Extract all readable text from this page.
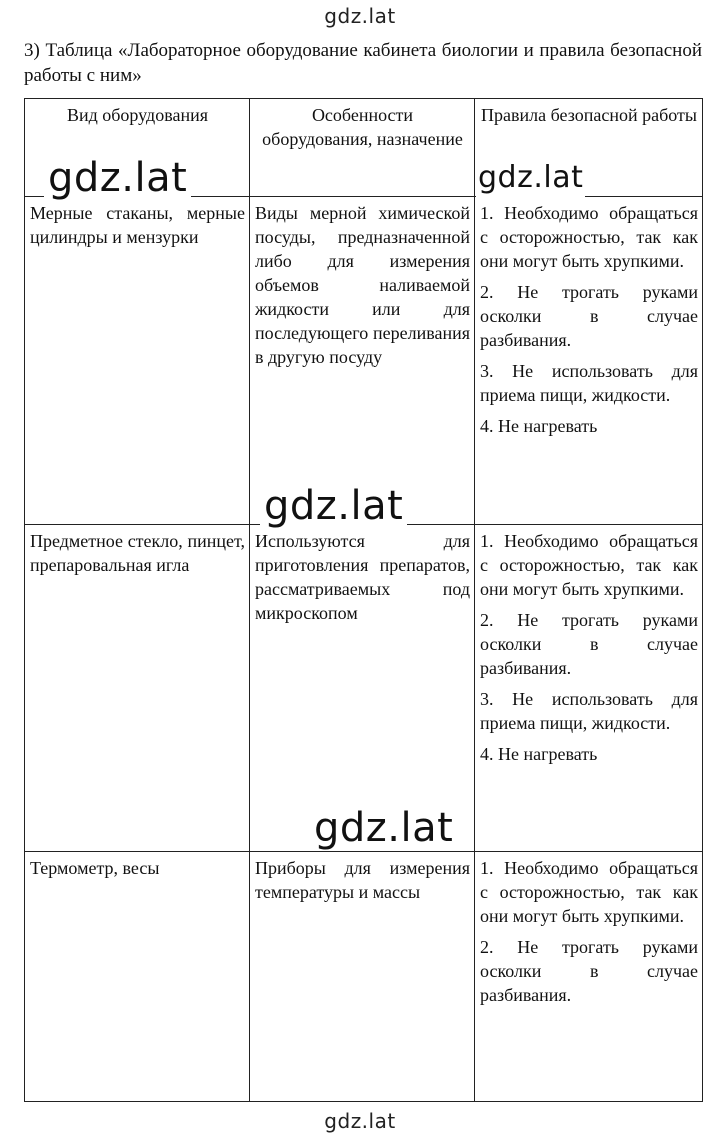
gdz.lat
3) Таблица «Лабораторное оборудование кабинета биологии и правила безопасной работы с ним»
Вид оборудования	Особенности оборудования, назначение	Правила безопасной работы
Мерные стаканы, мерные цилиндры и мензурки	Виды мерной химической посуды, предназначенной либо для измерения объемов наливаемой жидкости или для последующего переливания в другую посуду	1. Необходимо обращаться с осторожностью, так как они могут быть хрупкими.

2. Не трогать руками осколки в случае разбивания.

3. Не использовать для приема пищи, жидкости.

4. Не нагревать

Предметное стекло, пинцет, препаровальная игла	Используются для приготовления препаратов, рассматриваемых под микроскопом	1. Необходимо обращаться с осторожностью, так как они могут быть хрупкими.

2. Не трогать руками осколки в случае разбивания.

3. Не использовать для приема пищи, жидкости.

4. Не нагревать

Термометр, весы	Приборы для измерения температуры и массы	1. Необходимо обращаться с осторожностью, так как они могут быть хрупкими.

2. Не трогать руками осколки в случае разбивания.

gdz.lat	gdz.lat
gdz.lat
gdz.lat
gdz.lat
